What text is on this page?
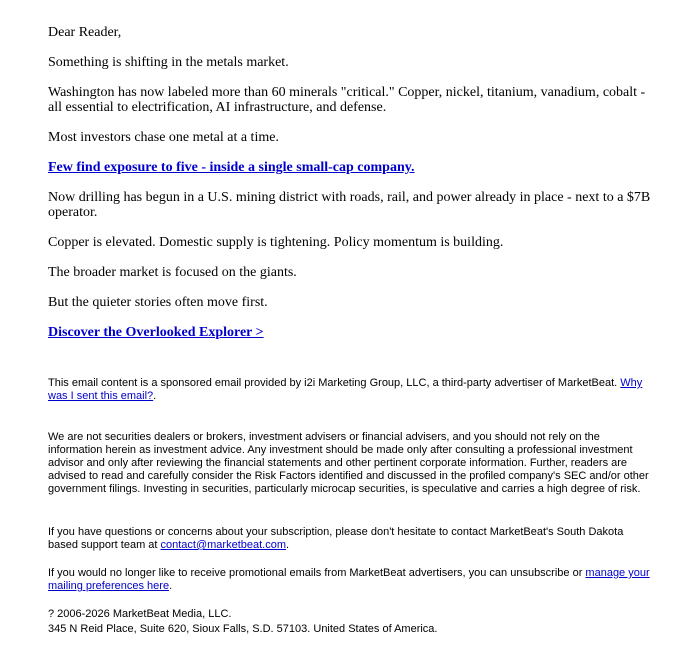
Dear Reader,

Something is shifting in the metals market.

Washington has now labeled more than 60 minerals "critical." Copper, nickel, titanium, vanadium, cobalt - all essential to electrification, AI infrastructure, and defense.

Most investors chase one metal at a time.

Few find exposure to five - inside a single small-cap company.

Now drilling has begun in a U.S. mining district with roads, rail, and power already in place - next to a $7B operator.

Copper is elevated. Domestic supply is tightening. Policy momentum is building.

The broader market is focused on the giants.

But the quieter stories often move first.

Discover the Overlooked Explorer >

This email content is a sponsored email provided by i2i Marketing Group, LLC, a third-party advertiser of MarketBeat. Why was I sent this email?.

We are not securities dealers or brokers, investment advisers or financial advisers, and you should not rely on the information herein as investment advice. Any investment should be made only after consulting a professional investment advisor and only after reviewing the financial statements and other pertinent corporate information. Further, readers are advised to read and carefully consider the Risk Factors identified and discussed in the profiled company's SEC and/or other government filings. Investing in securities, particularly microcap securities, is speculative and carries a high degree of risk.

If you have questions or concerns about your subscription, please don't hesitate to contact MarketBeat's South Dakota based support team at contact@marketbeat.com.

If you would no longer like to receive promotional emails from MarketBeat advertisers, you can unsubscribe or manage your mailing preferences here.

? 2006-2026 MarketBeat Media, LLC.

345 N Reid Place, Suite 620, Sioux Falls, S.D. 57103. United States of America.
